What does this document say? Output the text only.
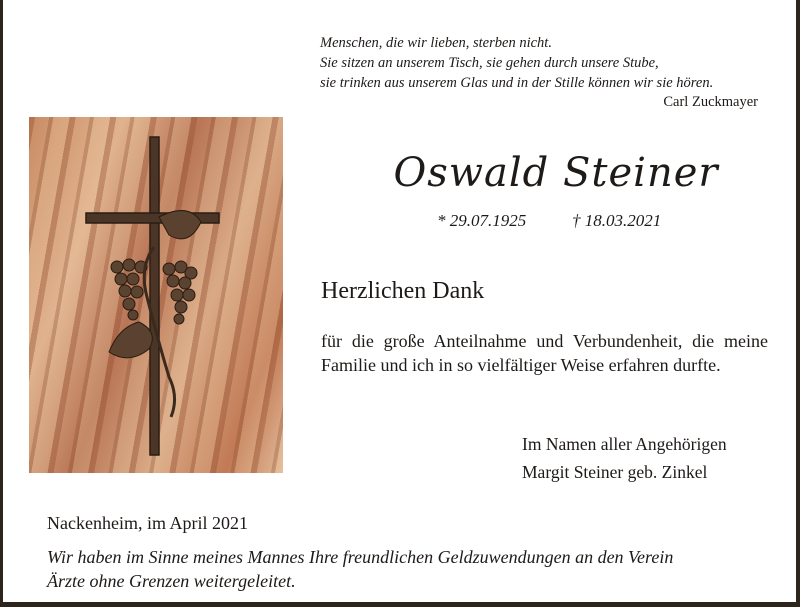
Menschen, die wir lieben, sterben nicht.
Sie sitzen an unserem Tisch, sie gehen durch unsere Stube,
sie trinken aus unserem Glas und in der Stille können wir sie hören.
Carl Zuckmayer
Oswald Steiner
* 29.07.1925	† 18.03.2021
Herzlichen Dank
für die große Anteilnahme und Verbundenheit, die meine Familie und ich in so vielfältiger Weise erfahren durfte.
Im Namen aller Angehörigen
Margit Steiner geb. Zinkel
Nackenheim, im April 2021
Wir haben im Sinne meines Mannes Ihre freundlichen Geldzuwendungen an den Verein
Ärzte ohne Grenzen weitergeleitet.
